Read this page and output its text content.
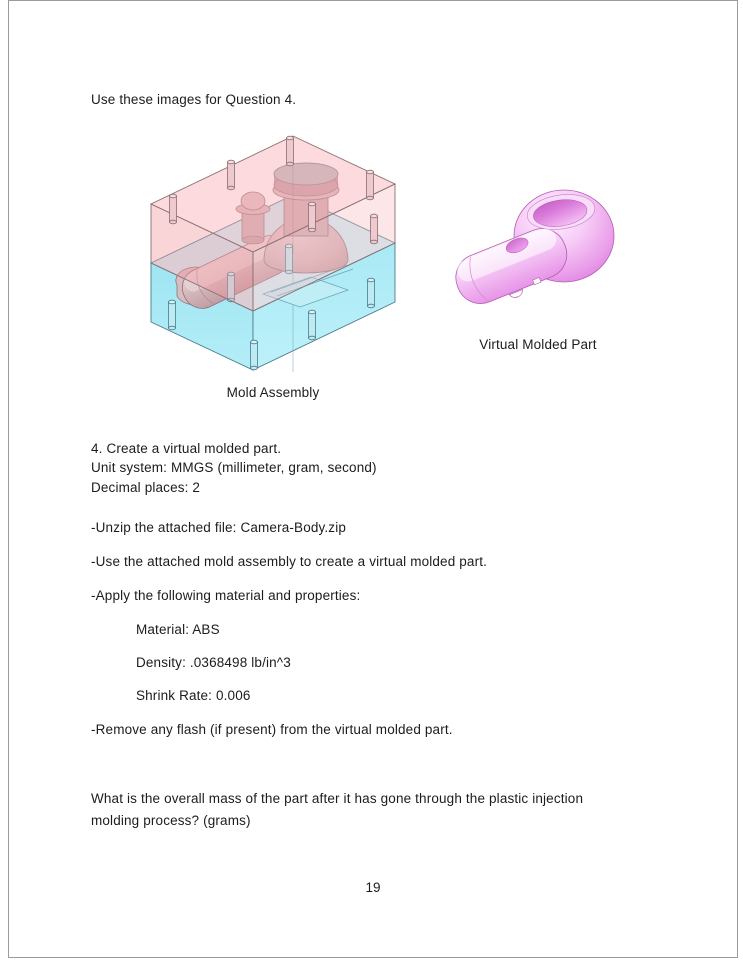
Use these images for Question 4.
Mold Assembly
Virtual Molded Part
4. Create a virtual molded part.
Unit system: MMGS (millimeter, gram, second)
Decimal places: 2
-Unzip the attached file: Camera-Body.zip
-Use the attached mold assembly to create a virtual molded part.
-Apply the following material and properties:
Material: ABS
Density: .0368498 lb/in^3
Shrink Rate: 0.006
-Remove any flash (if present) from the virtual molded part.
What is the overall mass of the part after it has gone through the plastic injection
molding process? (grams)
19
